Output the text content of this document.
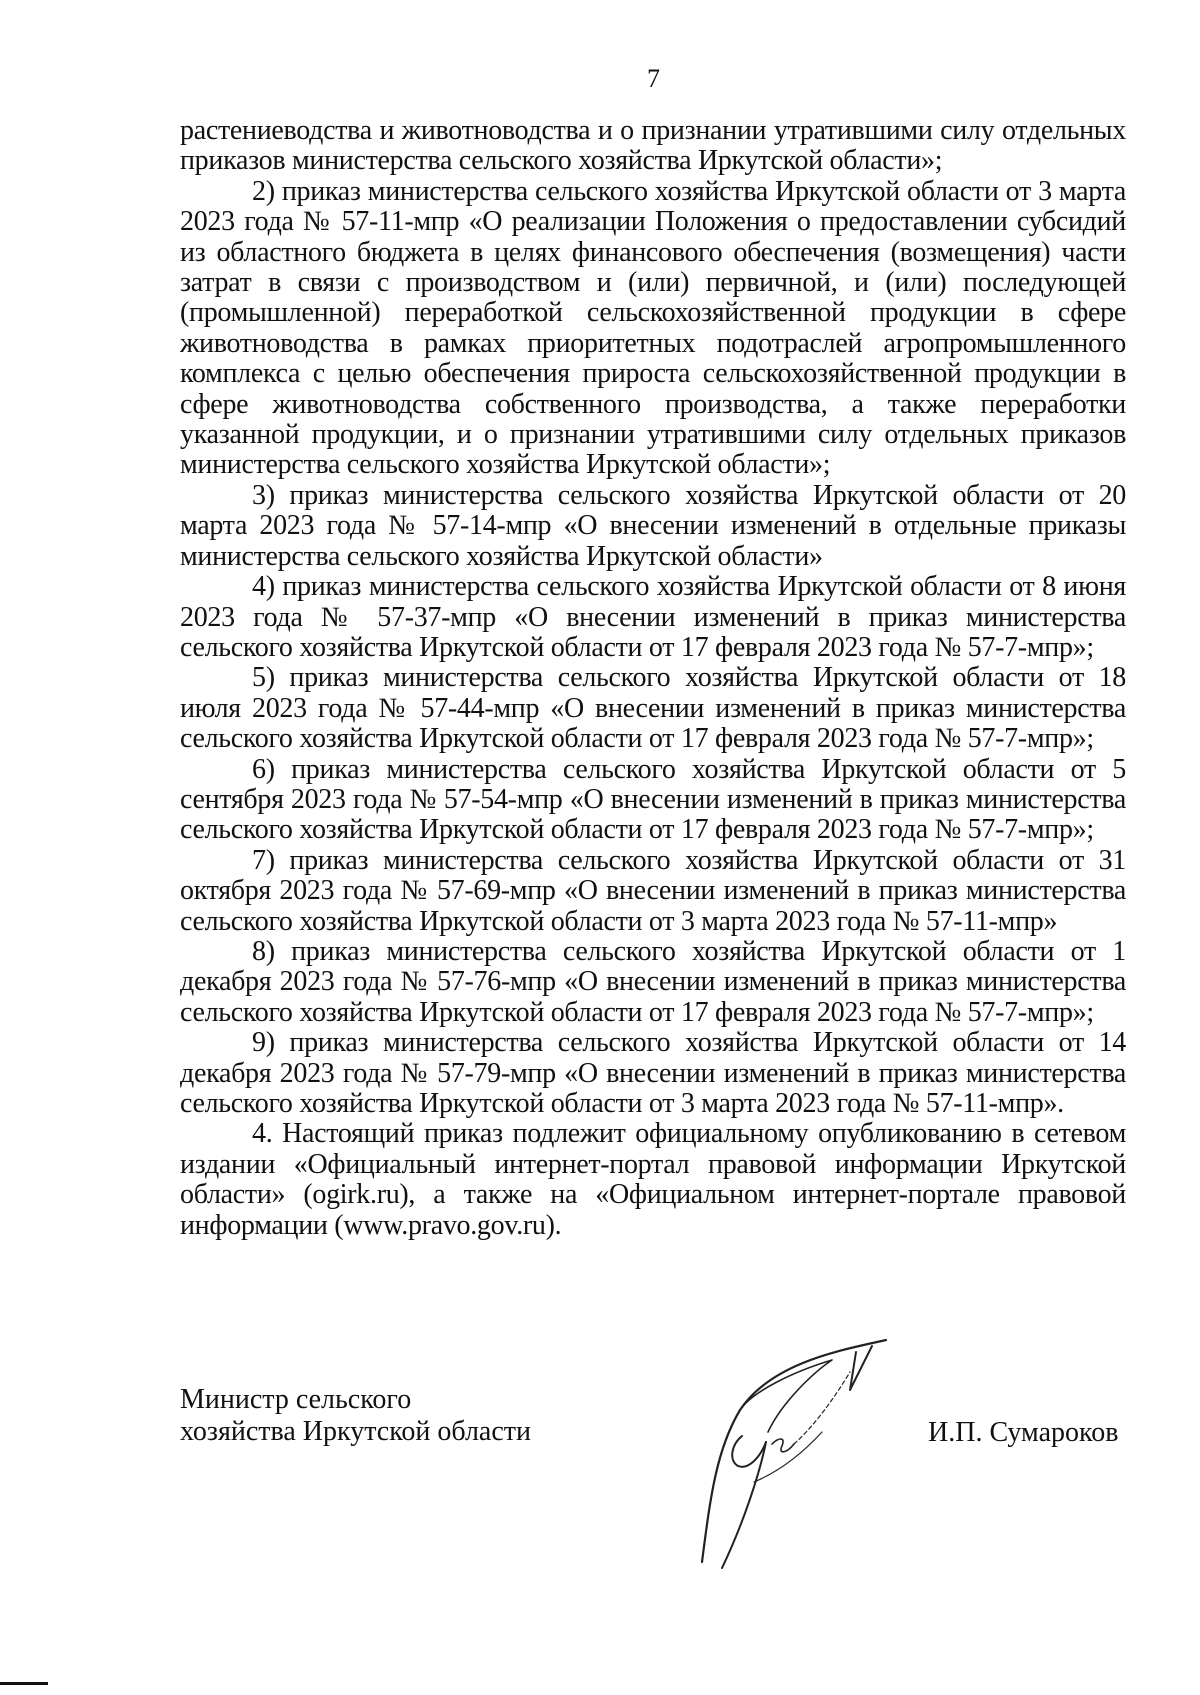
7

растениеводства и животноводства и о признании утратившими силу отдельных приказов министерства сельского хозяйства Иркутской области»;

2) приказ министерства сельского хозяйства Иркутской области от 3 марта 2023 года № 57-11-мпр «О реализации Положения о предоставлении субсидий из областного бюджета в целях финансового обеспечения (возмещения) части затрат в связи с производством и (или) первичной, и (или) последующей (промышленной) переработкой сельскохозяйственной продукции в сфере животноводства в рамках приоритетных подотраслей агропромышленного комплекса с целью обеспечения прироста сельскохозяйственной продукции в сфере животноводства собственного производства, а также переработки указанной продукции, и о признании утратившими силу отдельных приказов министерства сельского хозяйства Иркутской области»;

3) приказ министерства сельского хозяйства Иркутской области от 20 марта 2023 года № 57-14-мпр «О внесении изменений в отдельные приказы министерства сельского хозяйства Иркутской области»

4) приказ министерства сельского хозяйства Иркутской области от 8 июня 2023 года № 57-37-мпр «О внесении изменений в приказ министерства сельского хозяйства Иркутской области от 17 февраля 2023 года № 57-7-мпр»;

5) приказ министерства сельского хозяйства Иркутской области от 18 июля 2023 года № 57-44-мпр «О внесении изменений в приказ министерства сельского хозяйства Иркутской области от 17 февраля 2023 года № 57-7-мпр»;

6) приказ министерства сельского хозяйства Иркутской области от 5 сентября 2023 года № 57-54-мпр «О внесении изменений в приказ министерства сельского хозяйства Иркутской области от 17 февраля 2023 года № 57-7-мпр»;

7) приказ министерства сельского хозяйства Иркутской области от 31 октября 2023 года № 57-69-мпр «О внесении изменений в приказ министерства сельского хозяйства Иркутской области от 3 марта 2023 года № 57-11-мпр»

8) приказ министерства сельского хозяйства Иркутской области от 1 декабря 2023 года № 57-76-мпр «О внесении изменений в приказ министерства сельского хозяйства Иркутской области от 17 февраля 2023 года № 57-7-мпр»;

9) приказ министерства сельского хозяйства Иркутской области от 14 декабря 2023 года № 57-79-мпр «О внесении изменений в приказ министерства сельского хозяйства Иркутской области от 3 марта 2023 года № 57-11-мпр».

4. Настоящий приказ подлежит официальному опубликованию в сетевом издании «Официальный интернет-портал правовой информации Иркутской области» (ogirk.ru), а также на «Официальном интернет-портале правовой информации (www.pravo.gov.ru).

Министр сельского
хозяйства Иркутской области	И.П. Сумароков
